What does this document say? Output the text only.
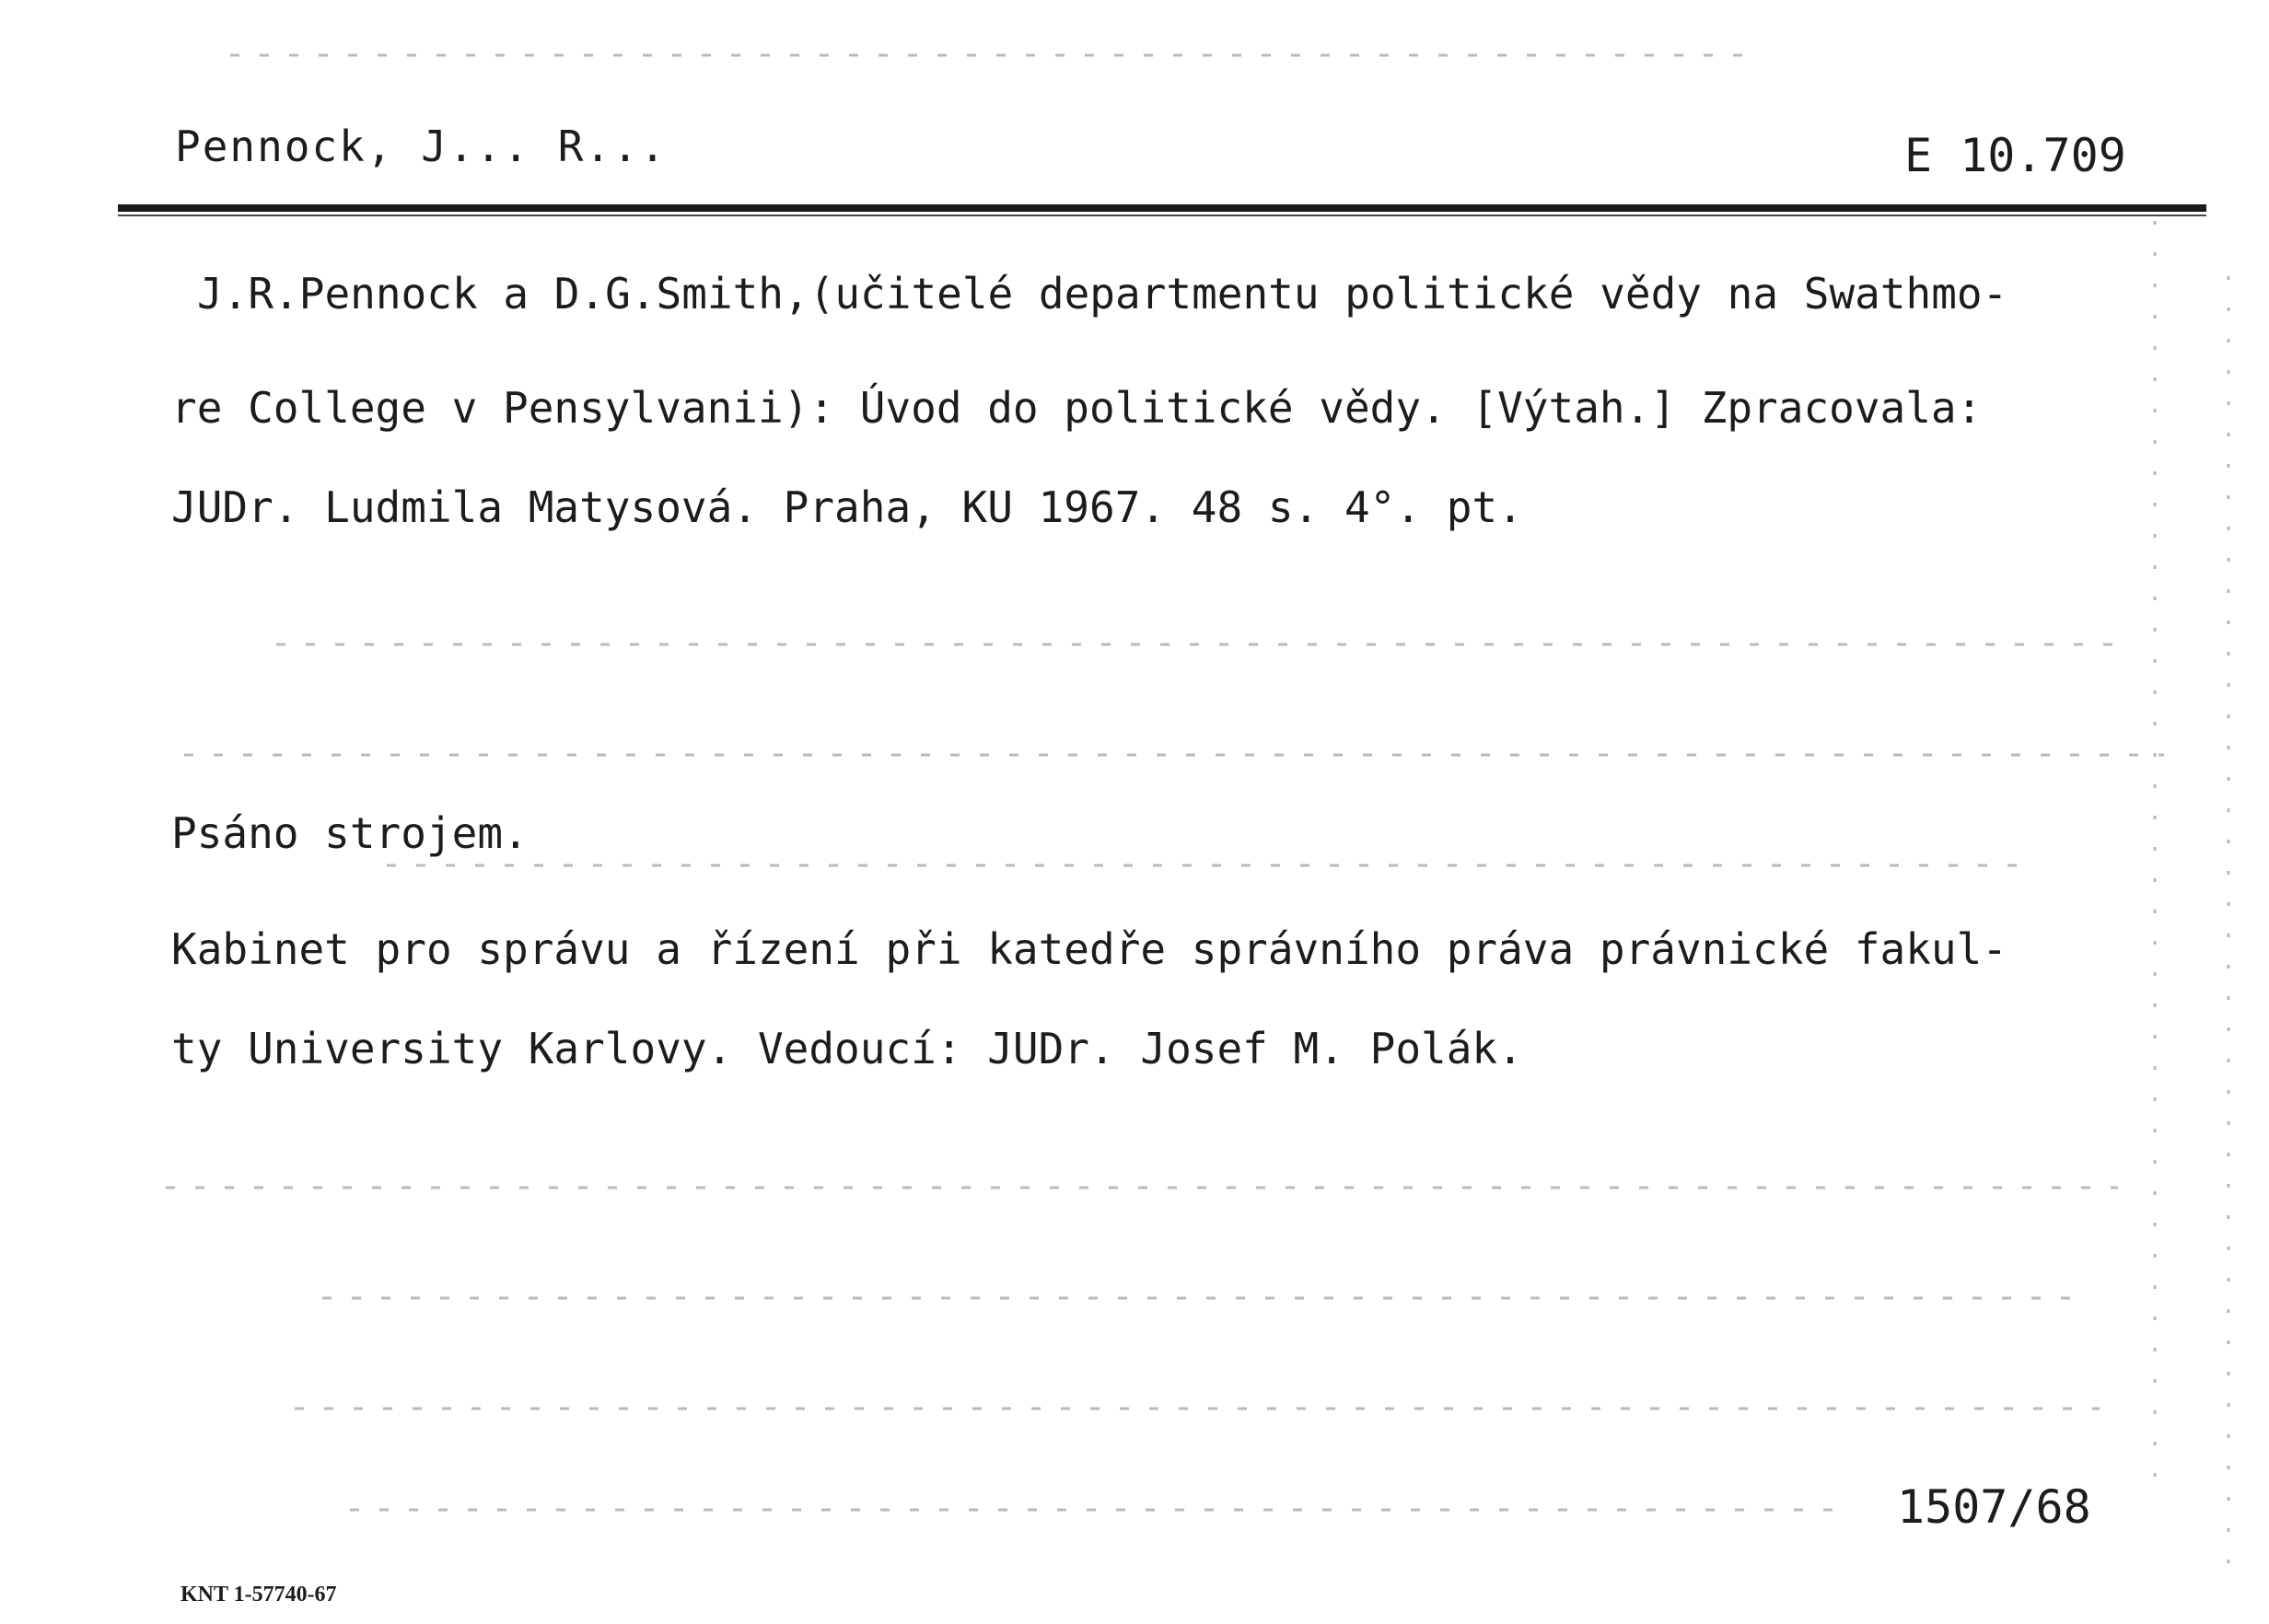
Pennock, J... R...	E 10.709
J.R.Pennock a D.G.Smith,(učitelé departmentu politické vědy na Swathmo-
re College v Pensylvanii): Úvod do politické vědy. [Výtah.] Zpracovala:
JUDr. Ludmila Matysová. Praha, KU 1967. 48 s. 4°. pt.
Psáno strojem.
Kabinet pro správu a řízení při katedře správního práva právnické fakul-
ty University Karlovy. Vedoucí: JUDr. Josef M. Polák.
1507/68
KNT 1-57740-67
